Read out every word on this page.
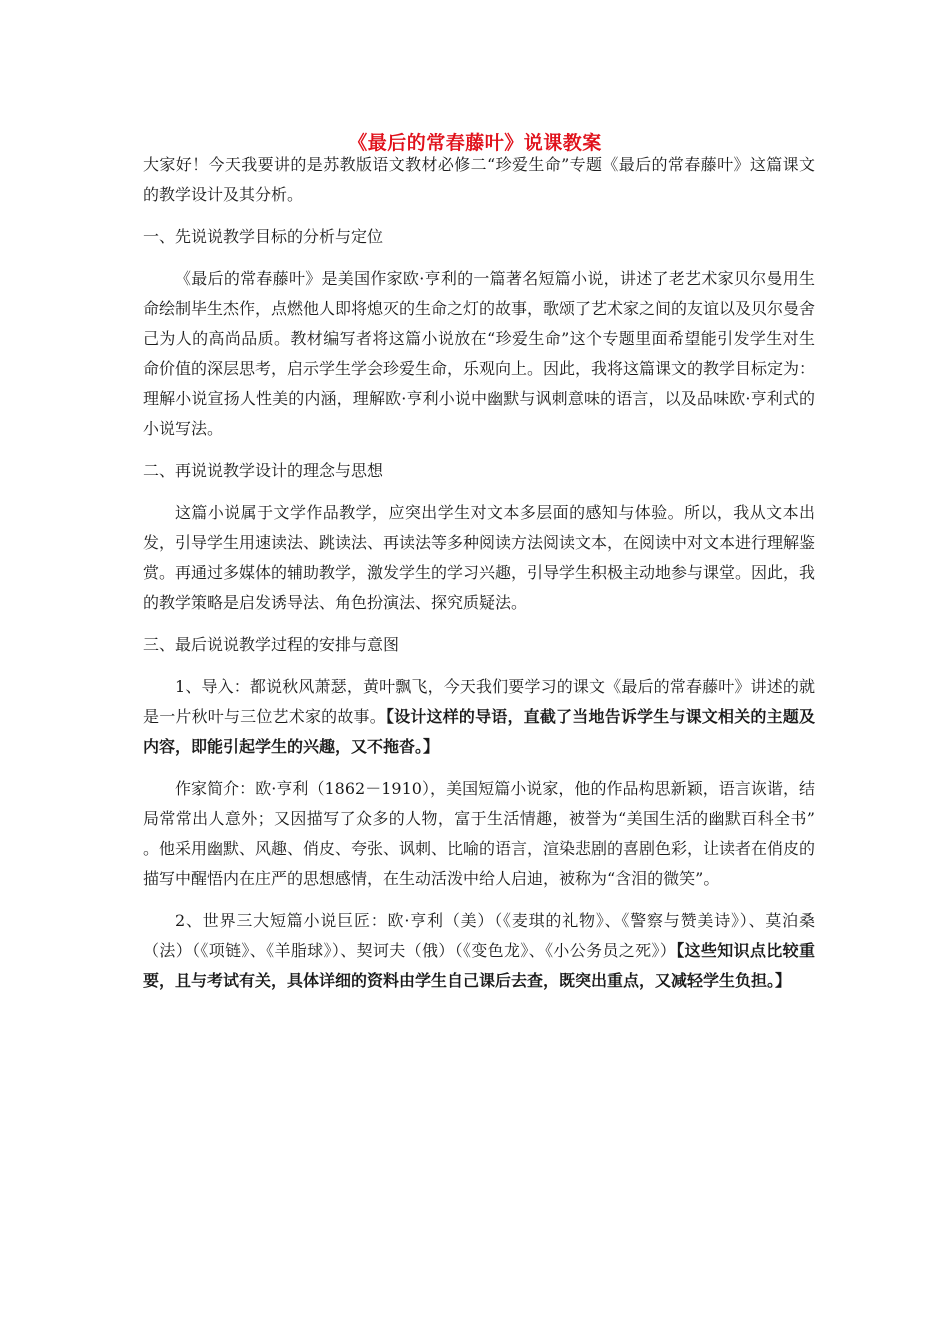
《最后的常春藤叶》说课教案

大家好！今天我要讲的是苏教版语文教材必修二“珍爱生命”专题《最后的常春藤叶》这篇课文的教学设计及其分析。

一、先说说教学目标的分析与定位

《最后的常春藤叶》是美国作家欧·亨利的一篇著名短篇小说，讲述了老艺术家贝尔曼用生命绘制毕生杰作，点燃他人即将熄灭的生命之灯的故事，歌颂了艺术家之间的友谊以及贝尔曼舍己为人的高尚品质。教材编写者将这篇小说放在“珍爱生命”这个专题里面希望能引发学生对生命价值的深层思考，启示学生学会珍爱生命，乐观向上。因此，我将这篇课文的教学目标定为：理解小说宣扬人性美的内涵，理解欧·亨利小说中幽默与讽刺意味的语言，以及品味欧·亨利式的小说写法。

二、再说说教学设计的理念与思想

这篇小说属于文学作品教学，应突出学生对文本多层面的感知与体验。所以，我从文本出发，引导学生用速读法、跳读法、再读法等多种阅读方法阅读文本，在阅读中对文本进行理解鉴赏。再通过多媒体的辅助教学，激发学生的学习兴趣，引导学生积极主动地参与课堂。因此，我的教学策略是启发诱导法、角色扮演法、探究质疑法。

三、最后说说教学过程的安排与意图

1、导入：都说秋风萧瑟，黄叶飘飞，今天我们要学习的课文《最后的常春藤叶》讲述的就是一片秋叶与三位艺术家的故事。【设计这样的导语，直截了当地告诉学生与课文相关的主题及内容，即能引起学生的兴趣，又不拖沓。】

作家简介：欧·亨利（1862－1910），美国短篇小说家，他的作品构思新颖，语言诙谐，结局常常出人意外；又因描写了众多的人物，富于生活情趣，被誉为“美国生活的幽默百科全书” 。他采用幽默、风趣、俏皮、夸张、讽刺、比喻的语言，渲染悲剧的喜剧色彩，让读者在俏皮的描写中醒悟内在庄严的思想感情，在生动活泼中给人启迪，被称为“含泪的微笑”。

2、世界三大短篇小说巨匠：欧·亨利（美）（《麦琪的礼物》、《警察与赞美诗》）、莫泊桑（法）（《项链》、《羊脂球》）、契诃夫（俄）（《变色龙》、《小公务员之死》）【这些知识点比较重要，且与考试有关，具体详细的资料由学生自己课后去查，既突出重点，又减轻学生负担。】
